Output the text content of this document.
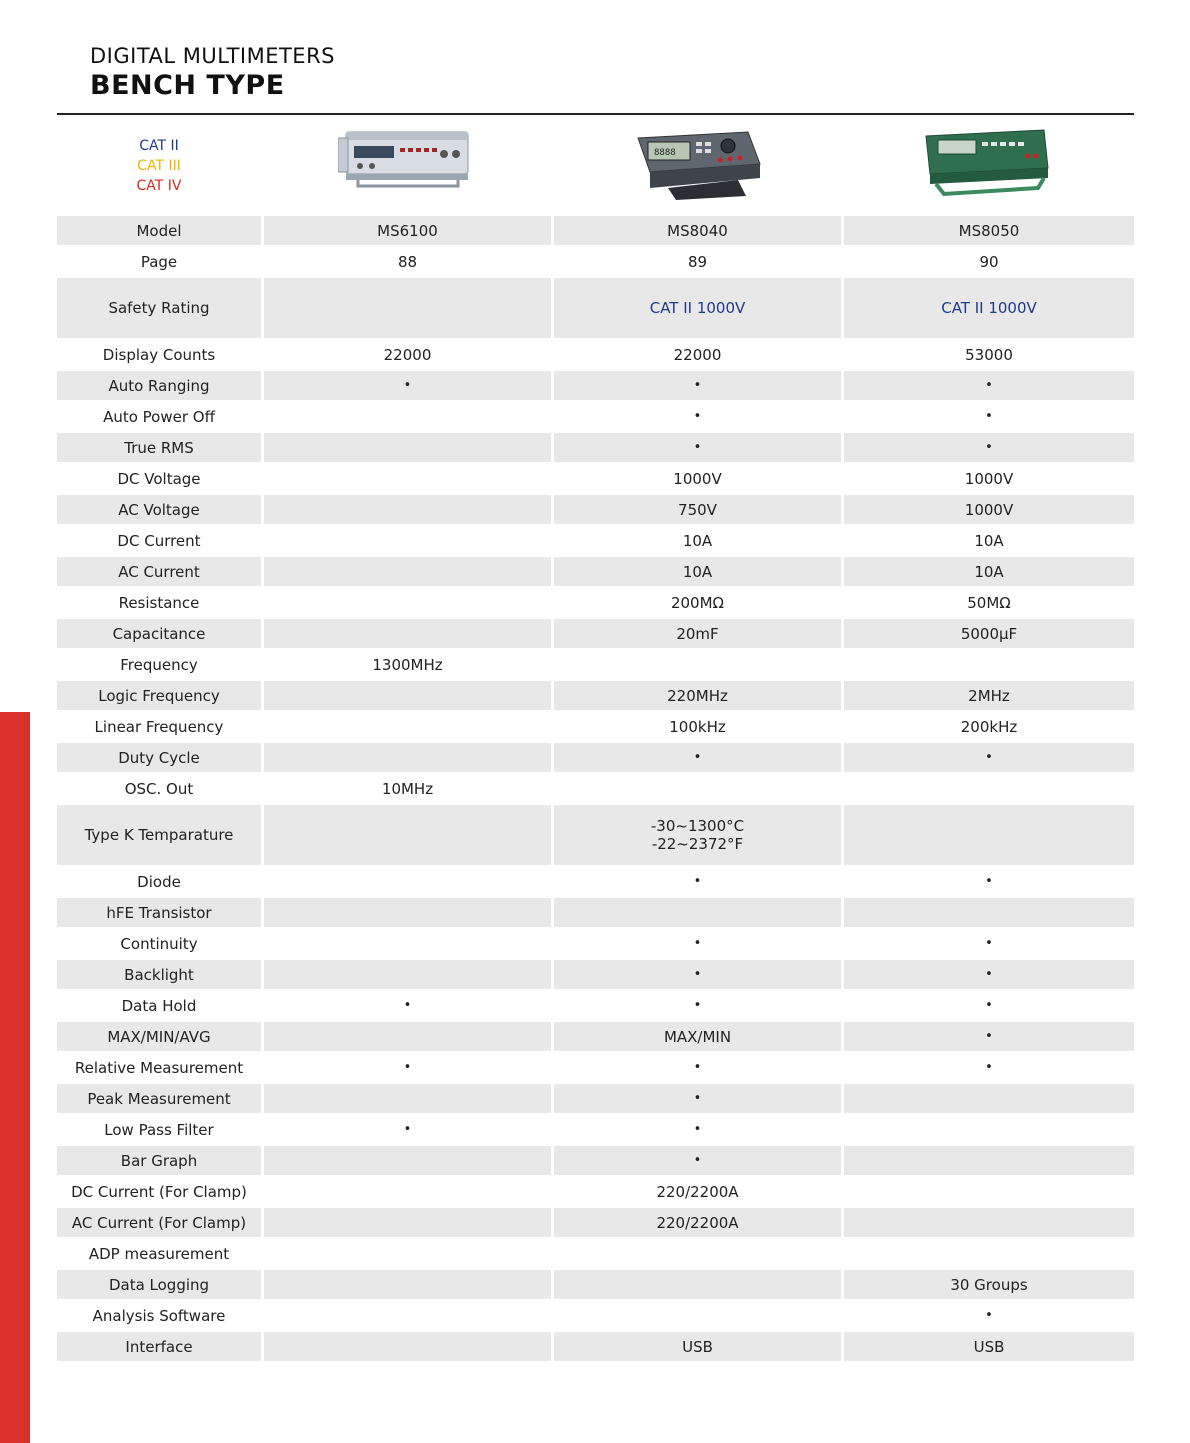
DIGITAL MULTIMETERS
BENCH TYPE
CAT II
CAT III
CAT IV
8888
Model	MS6100	MS8040	MS8050
Page	88	89	90
Safety Rating		CAT II 1000V	CAT II 1000V
Display Counts	22000	22000	53000
Auto Ranging	•	•	•
Auto Power Off		•	•
True RMS		•	•
DC Voltage		1000V	1000V
AC Voltage		750V	1000V
DC Current		10A	10A
AC Current		10A	10A
Resistance		200MΩ	50MΩ
Capacitance		20mF	5000μF
Frequency	1300MHz		
Logic Frequency		220MHz	2MHz
Linear Frequency		100kHz	200kHz
Duty Cycle		•	•
OSC. Out	10MHz		
Type K Temparature		-30~1300°C
-22~2372°F	

Diode		•	•
hFE Transistor			
Continuity		•	•
Backlight		•	•
Data Hold	•	•	•
MAX/MIN/AVG		MAX/MIN	•
Relative Measurement	•	•	•
Peak Measurement		•	
Low Pass Filter	•	•	
Bar Graph		•	
DC Current (For Clamp)		220/2200A	
AC Current (For Clamp)		220/2200A	
ADP measurement			
Data Logging			30 Groups
Analysis Software			•
Interface		USB	USB
